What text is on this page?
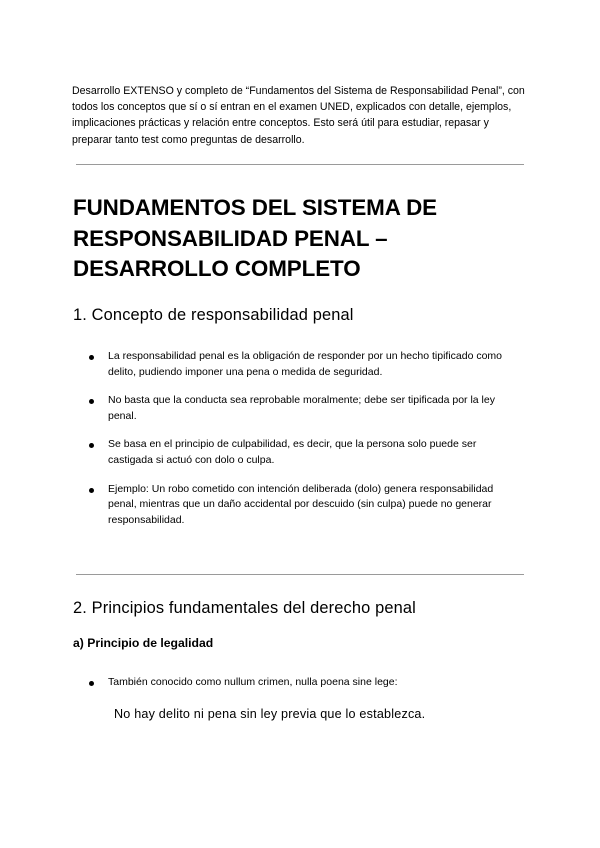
Desarrollo EXTENSO y completo de “Fundamentos del Sistema de Responsabilidad Penal”, con todos los conceptos que sí o sí entran en el examen UNED, explicados con detalle, ejemplos, implicaciones prácticas y relación entre conceptos. Esto será útil para estudiar, repasar y preparar tanto test como preguntas de desarrollo.

FUNDAMENTOS DEL SISTEMA DE RESPONSABILIDAD PENAL – DESARROLLO COMPLETO
1. Concepto de responsabilidad penal
La responsabilidad penal es la obligación de responder por un hecho tipificado como delito, pudiendo imponer una pena o medida de seguridad.
No basta que la conducta sea reprobable moralmente; debe ser tipificada por la ley penal.
Se basa en el principio de culpabilidad, es decir, que la persona solo puede ser castigada si actuó con dolo o culpa.
Ejemplo: Un robo cometido con intención deliberada (dolo) genera responsabilidad penal, mientras que un daño accidental por descuido (sin culpa) puede no generar responsabilidad.
2. Principios fundamentales del derecho penal
a) Principio de legalidad
También conocido como nullum crimen, nulla poena sine lege:

No hay delito ni pena sin ley previa que lo establezca.
